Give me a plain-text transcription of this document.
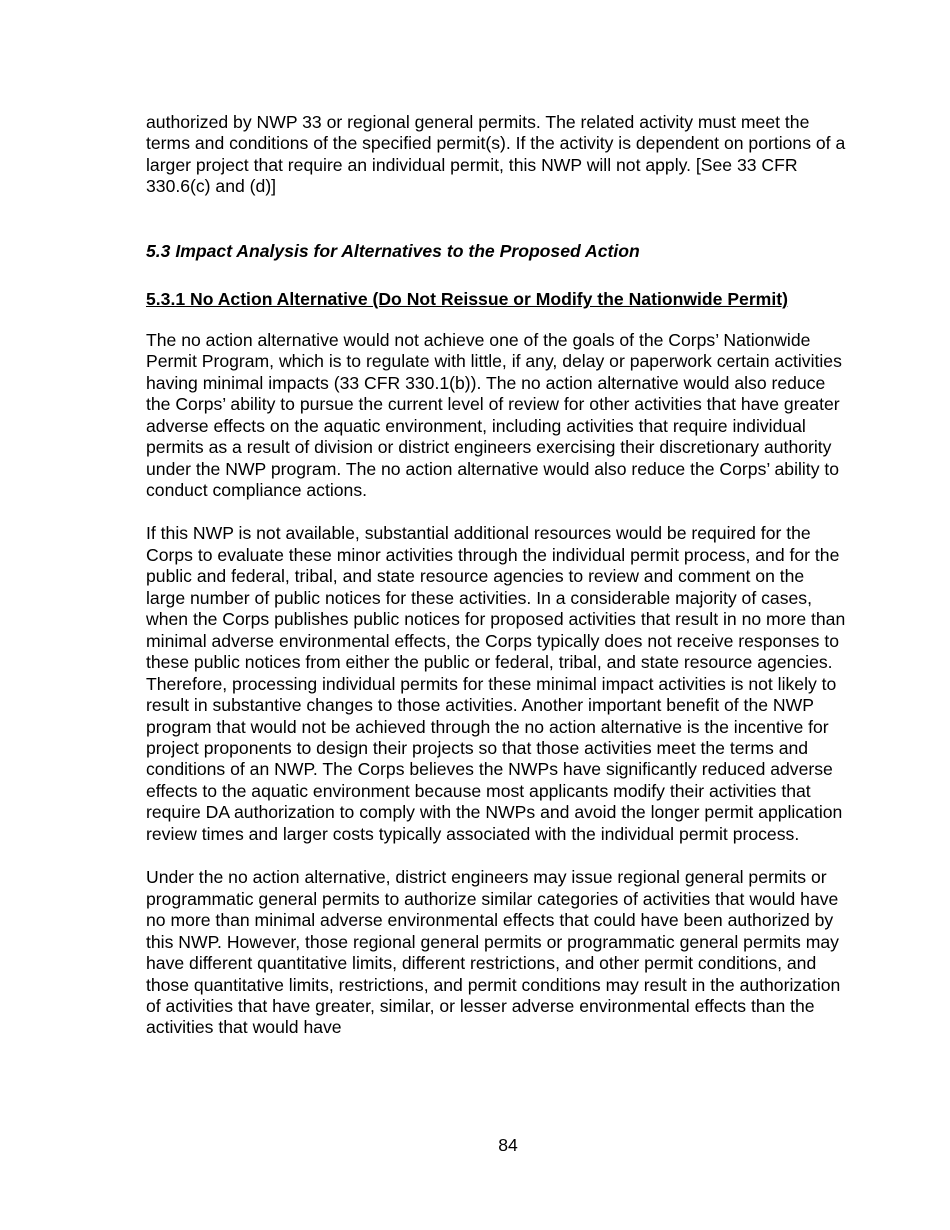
authorized by NWP 33 or regional general permits. The related activity must meet the terms and conditions of the specified permit(s). If the activity is dependent on portions of a larger project that require an individual permit, this NWP will not apply. [See 33 CFR 330.6(c) and (d)]

5.3 Impact Analysis for Alternatives to the Proposed Action
5.3.1 No Action Alternative (Do Not Reissue or Modify the Nationwide Permit)

The no action alternative would not achieve one of the goals of the Corps’ Nationwide Permit Program, which is to regulate with little, if any, delay or paperwork certain activities having minimal impacts (33 CFR 330.1(b)). The no action alternative would also reduce the Corps’ ability to pursue the current level of review for other activities that have greater adverse effects on the aquatic environment, including activities that require individual permits as a result of division or district engineers exercising their discretionary authority under the NWP program. The no action alternative would also reduce the Corps’ ability to conduct compliance actions.

If this NWP is not available, substantial additional resources would be required for the Corps to evaluate these minor activities through the individual permit process, and for the public and federal, tribal, and state resource agencies to review and comment on the large number of public notices for these activities. In a considerable majority of cases, when the Corps publishes public notices for proposed activities that result in no more than minimal adverse environmental effects, the Corps typically does not receive responses to these public notices from either the public or federal, tribal, and state resource agencies. Therefore, processing individual permits for these minimal impact activities is not likely to result in substantive changes to those activities. Another important benefit of the NWP program that would not be achieved through the no action alternative is the incentive for project proponents to design their projects so that those activities meet the terms and conditions of an NWP. The Corps believes the NWPs have significantly reduced adverse effects to the aquatic environment because most applicants modify their activities that require DA authorization to comply with the NWPs and avoid the longer permit application review times and larger costs typically associated with the individual permit process.

Under the no action alternative, district engineers may issue regional general permits or programmatic general permits to authorize similar categories of activities that would have no more than minimal adverse environmental effects that could have been authorized by this NWP. However, those regional general permits or programmatic general permits may have different quantitative limits, different restrictions, and other permit conditions, and those quantitative limits, restrictions, and permit conditions may result in the authorization of activities that have greater, similar, or lesser adverse environmental effects than the activities that would have

84
